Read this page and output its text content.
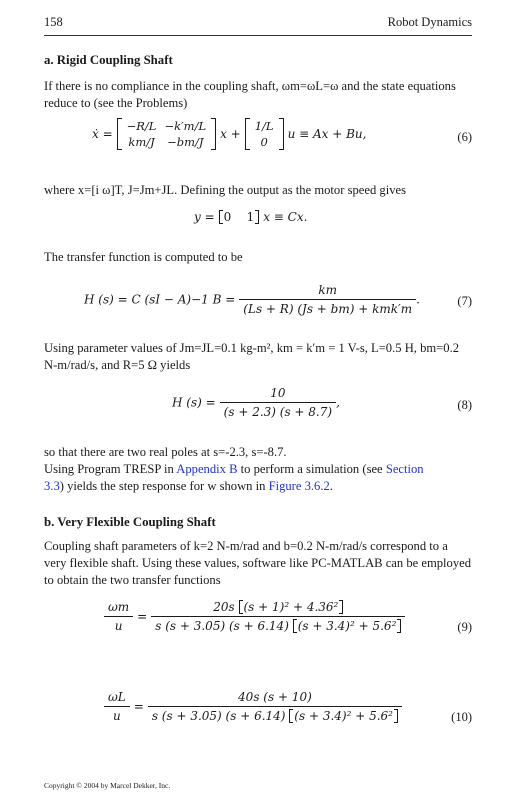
158	Robot Dynamics
a. Rigid Coupling Shaft
If there is no compliance in the coupling shaft, ωm=ωL=ω and the state equations reduce to (see the Problems)
ẋ =
−R/L	−k′m/L
km/J	−bm/J
x +
1/L
0
u ≡ Ax + Bu,	(6)
where x=[i ω]T, J=Jm+JL. Defining the output as the motor speed gives
y = 0 1 x ≡ Cx.
The transfer function is computed to be
H (s) = C (sI − A)−1 $B = \frac{km}{\text{(Ls + R) (Js + bm) + kmk′m}}$ .	(7)
Using parameter values of Jm=JL=0.1 kg-m², km = k′m = 1 V-s, L=0.5 H, bm=0.2 N-m/rad/s, and R=5 Ω yields
H $(s) = \frac{10}{(s + 2.3) (s + 8.7)}$ ,	(8)
so that there are two real poles at s=-2.3, s=-8.7.
Using Program TRESP in Appendix B to perform a simulation (see Section
3.3) yields the step response for w shown in Figure 3.6.2.
b. Very Flexible Coupling Shaft
Coupling shaft parameters of k=2 N-m/rad and b=0.2 N-m/rad/s correspond to a very flexible shaft. Using these values, software like PC-MATLAB can be employed to obtain the two transfer functions
$\frac{\omega m}{u} = \frac{\text{20s (s + 1)² + 4.36²}}{\text{s (s + 3.05) (s + 6.14) (s + 3.4)² + 5.6²}}$	(9)
$\frac{\omega L}{u} = \frac{40s (s + 10)}{\text{s (s + 3.05) (s + 6.14) (s + 3.4)² + 5.6²}}$	(10)
Copyright © 2004 by Marcel Dekker, Inc.
